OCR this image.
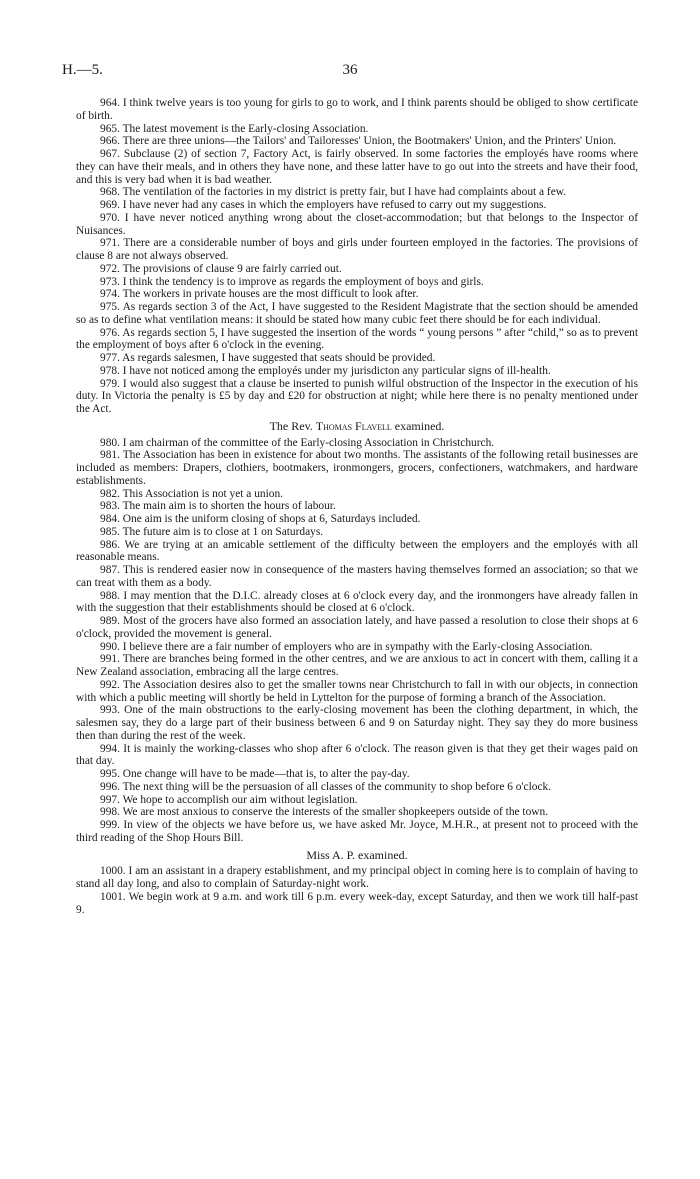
H.—5.	36

964. I think twelve years is too young for girls to go to work, and I think parents should be obliged to show certificate of birth.

965. The latest movement is the Early-closing Association.

966. There are three unions—the Tailors' and Tailoresses' Union, the Bootmakers' Union, and the Printers' Union.

967. Subclause (2) of section 7, Factory Act, is fairly observed. In some factories the employés have rooms where they can have their meals, and in others they have none, and these latter have to go out into the streets and have their food, and this is very bad when it is bad weather.

968. The ventilation of the factories in my district is pretty fair, but I have had complaints about a few.

969. I have never had any cases in which the employers have refused to carry out my suggestions.

970. I have never noticed anything wrong about the closet-accommodation; but that belongs to the Inspector of Nuisances.

971. There are a considerable number of boys and girls under fourteen employed in the factories. The provisions of clause 8 are not always observed.

972. The provisions of clause 9 are fairly carried out.

973. I think the tendency is to improve as regards the employment of boys and girls.

974. The workers in private houses are the most difficult to look after.

975. As regards section 3 of the Act, I have suggested to the Resident Magistrate that the section should be amended so as to define what ventilation means: it should be stated how many cubic feet there should be for each individual.

976. As regards section 5, I have suggested the insertion of the words “ young persons ” after “child,” so as to prevent the employment of boys after 6 o'clock in the evening.

977. As regards salesmen, I have suggested that seats should be provided.

978. I have not noticed among the employés under my jurisdicton any particular signs of ill-health.

979. I would also suggest that a clause be inserted to punish wilful obstruction of the Inspector in the execution of his duty. In Victoria the penalty is £5 by day and £20 for obstruction at night; while here there is no penalty mentioned under the Act.

The Rev. Thomas Flavell examined.

980. I am chairman of the committee of the Early-closing Association in Christchurch.

981. The Association has been in existence for about two months. The assistants of the following retail businesses are included as members: Drapers, clothiers, bootmakers, ironmongers, grocers, confectioners, watchmakers, and hardware establishments.

982. This Association is not yet a union.

983. The main aim is to shorten the hours of labour.

984. One aim is the uniform closing of shops at 6, Saturdays included.

985. The future aim is to close at 1 on Saturdays.

986. We are trying at an amicable settlement of the difficulty between the employers and the employés with all reasonable means.

987. This is rendered easier now in consequence of the masters having themselves formed an association; so that we can treat with them as a body.

988. I may mention that the D.I.C. already closes at 6 o'clock every day, and the ironmongers have already fallen in with the suggestion that their establishments should be closed at 6 o'clock.

989. Most of the grocers have also formed an association lately, and have passed a resolution to close their shops at 6 o'clock, provided the movement is general.

990. I believe there are a fair number of employers who are in sympathy with the Early-closing Association.

991. There are branches being formed in the other centres, and we are anxious to act in concert with them, calling it a New Zealand association, embracing all the large centres.

992. The Association desires also to get the smaller towns near Christchurch to fall in with our objects, in connection with which a public meeting will shortly be held in Lyttelton for the purpose of forming a branch of the Association.

993. One of the main obstructions to the early-closing movement has been the clothing department, in which, the salesmen say, they do a large part of their business between 6 and 9 on Saturday night. They say they do more business then than during the rest of the week.

994. It is mainly the working-classes who shop after 6 o'clock. The reason given is that they get their wages paid on that day.

995. One change will have to be made—that is, to alter the pay-day.

996. The next thing will be the persuasion of all classes of the community to shop before 6 o'clock.

997. We hope to accomplish our aim without legislation.

998. We are most anxious to conserve the interests of the smaller shopkeepers outside of the town.

999. In view of the objects we have before us, we have asked Mr. Joyce, M.H.R., at present not to proceed with the third reading of the Shop Hours Bill.

Miss A. P. examined.

1000. I am an assistant in a drapery establishment, and my principal object in coming here is to complain of having to stand all day long, and also to complain of Saturday-night work.

1001. We begin work at 9 a.m. and work till 6 p.m. every week-day, except Saturday, and then we work till half-past 9.
